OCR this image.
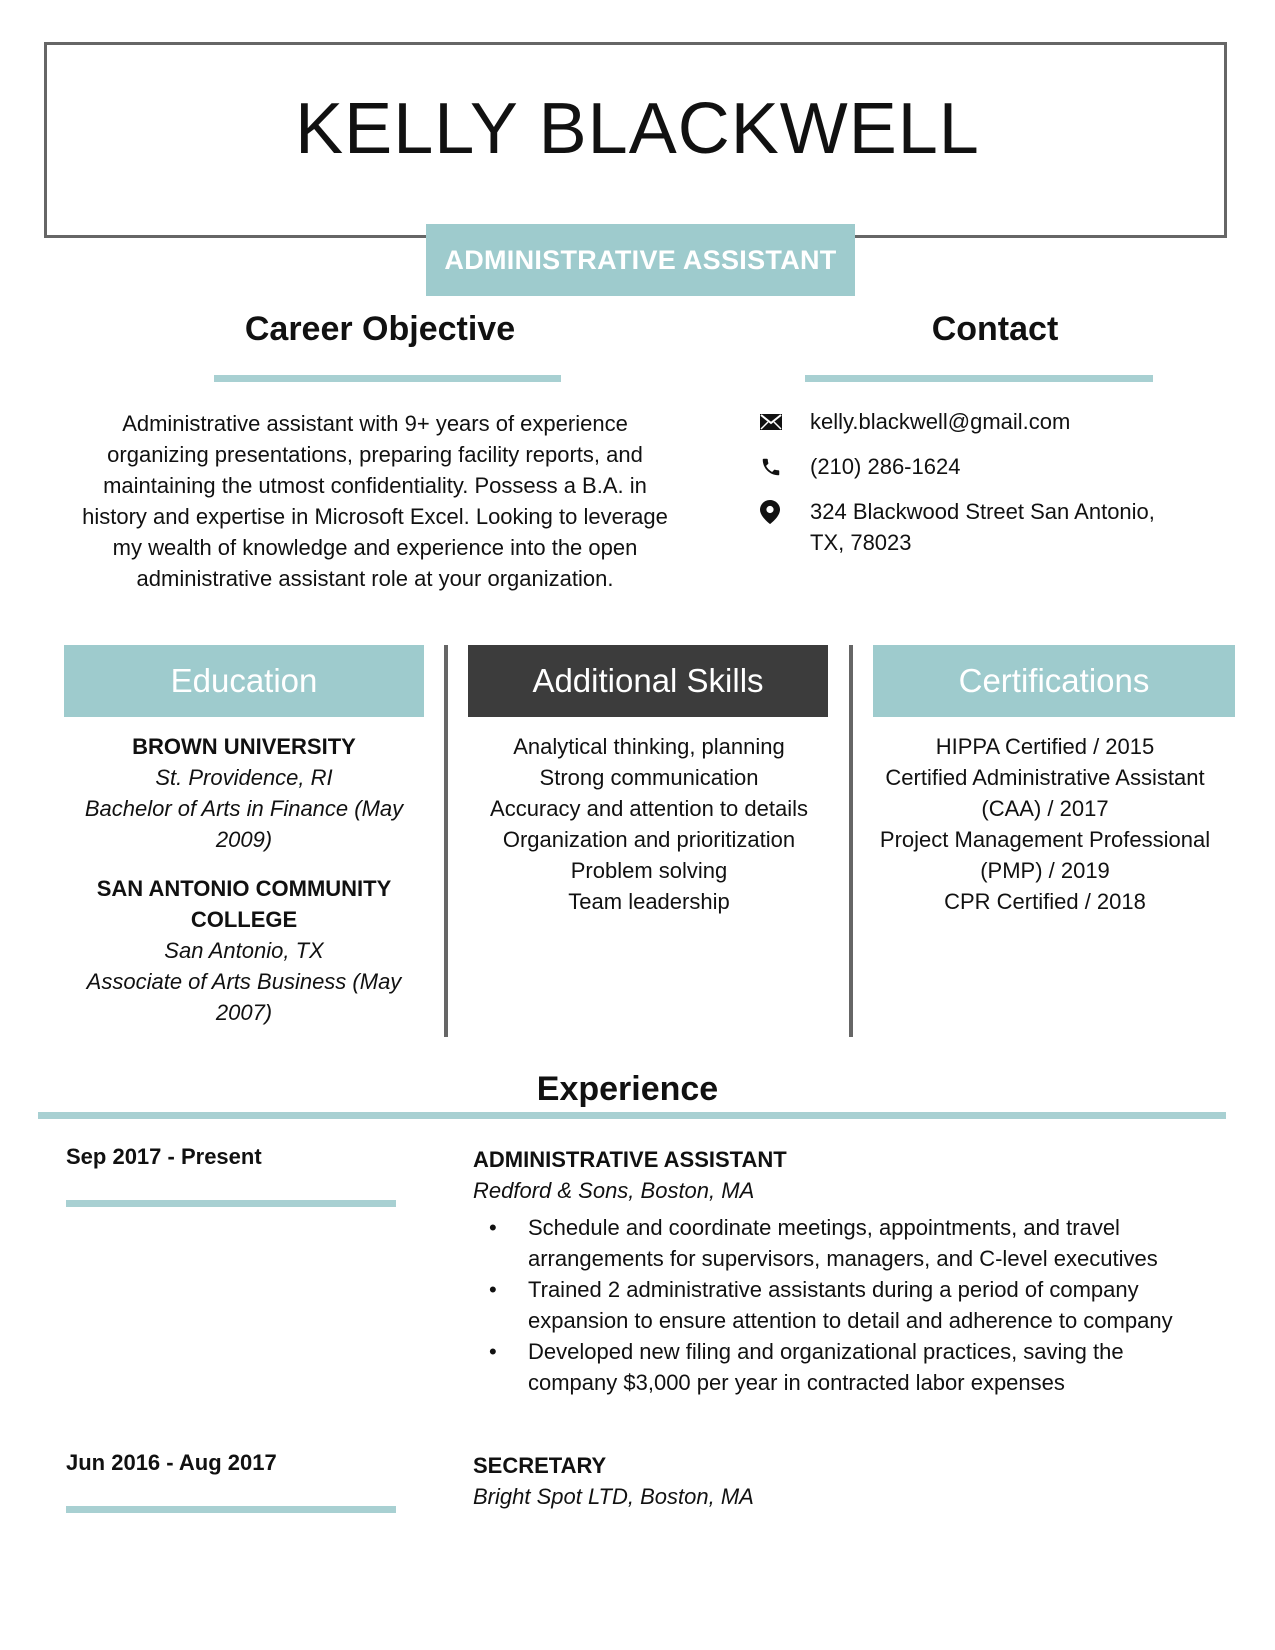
KELLY BLACKWELL
ADMINISTRATIVE ASSISTANT
Career Objective
Administrative assistant with 9+ years of experience organizing presentations, preparing facility reports, and maintaining the utmost confidentiality. Possess a B.A. in history and expertise in Microsoft Excel. Looking to leverage my wealth of knowledge and experience into the open administrative assistant role at your organization.
Contact
kelly.blackwell@gmail.com
(210) 286-1624
324 Blackwood Street San Antonio,
TX, 78023
Education	Additional Skills	Certifications
BROWN UNIVERSITY
St. Providence, RI
Bachelor of Arts in Finance (May 2009)
SAN ANTONIO COMMUNITY COLLEGE
San Antonio, TX
Associate of Arts Business (May 2007)
Analytical thinking, planning
Strong communication
Accuracy and attention to details
Organization and prioritization
Problem solving
Team leadership
HIPPA Certified / 2015
Certified Administrative Assistant (CAA) / 2017
Project Management Professional (PMP) / 2019
CPR Certified / 2018
Experience
Sep 2017 - Present	ADMINISTRATIVE ASSISTANT
Redford & Sons, Boston, MA
• Schedule and coordinate meetings, appointments, and travel arrangements for supervisors, managers, and C-level executives
• Trained 2 administrative assistants during a period of company expansion to ensure attention to detail and adherence to company
• Developed new filing and organizational practices, saving the company $3,000 per year in contracted labor expenses
Jun 2016 - Aug 2017	SECRETARY
Bright Spot LTD, Boston, MA
